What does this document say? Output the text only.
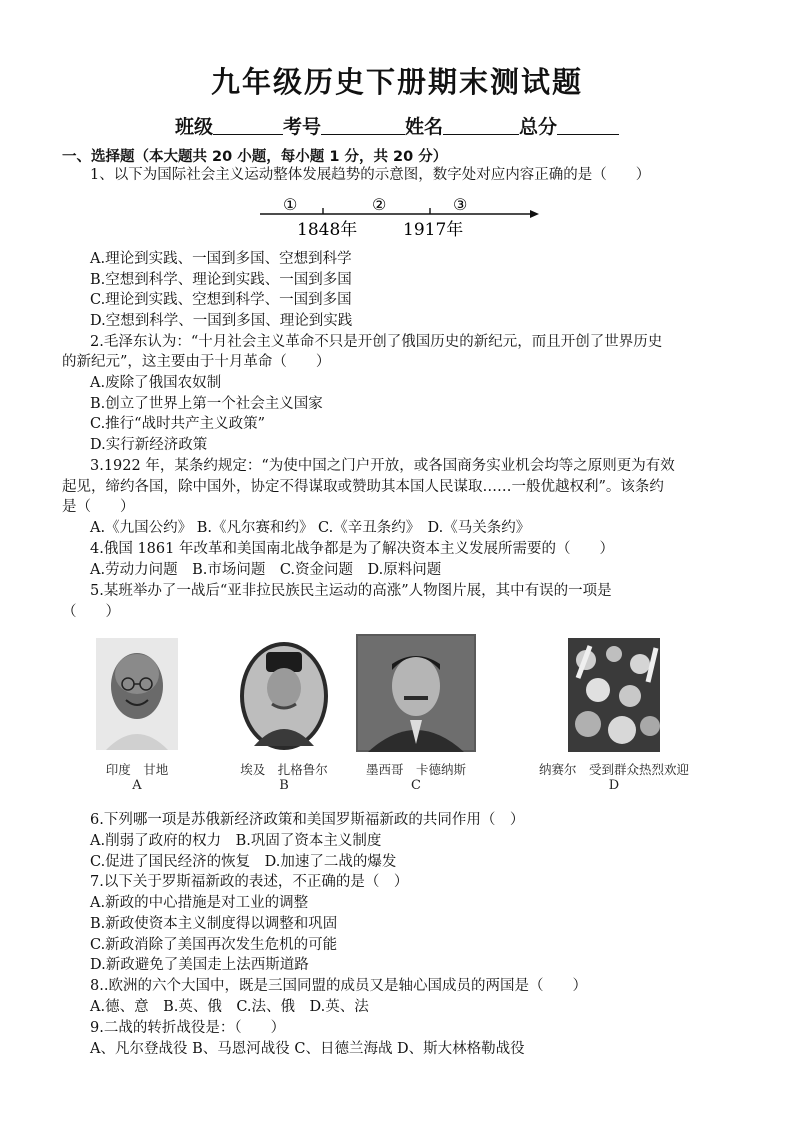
九年级历史下册期末测试题
班级	考号	姓名	总分
一、选择题（本大题共 20 小题，每小题 1 分，共 20 分）
1、以下为国际社会主义运动整体发展趋势的示意图，数字处对应内容正确的是（　　）
①	②	③
1848年	1917年
A.理论到实践、一国到多国、空想到科学
B.空想到科学、理论到实践、一国到多国
C.理论到实践、空想到科学、一国到多国
D.空想到科学、一国到多国、理论到实践
2.毛泽东认为：“十月社会主义革命不只是开创了俄国历史的新纪元，而且开创了世界历史
的新纪元”，这主要由于十月革命（　　）
A.废除了俄国农奴制
B.创立了世界上第一个社会主义国家
C.推行“战时共产主义政策”
D.实行新经济政策
3.1922 年，某条约规定：“为使中国之门户开放，或各国商务实业机会均等之原则更为有效
起见，缔约各国，除中国外，协定不得谋取或赞助其本国人民谋取……一般优越权利”。该条约
是（　　）
A.《九国公约》 B.《凡尔赛和约》 C.《辛丑条约》　D.《马关条约》
4.俄国 1861 年改革和美国南北战争都是为了解决资本主义发展所需要的（　　）
A.劳动力问题　B.市场问题　C.资金问题　D.原料问题
5.某班举办了一战后“亚非拉民族民主运动的高涨”人物图片展，其中有误的一项是
（　　）
印度　甘地
A
埃及　扎格鲁尔
B
墨西哥　卡德纳斯
C
纳赛尔　受到群众热烈欢迎
D
6.下列哪一项是苏俄新经济政策和美国罗斯福新政的共同作用（　）
A.削弱了政府的权力　B.巩固了资本主义制度
C.促进了国民经济的恢复　D.加速了二战的爆发
7.以下关于罗斯福新政的表述，不正确的是（　）
A.新政的中心措施是对工业的调整
B.新政使资本主义制度得以调整和巩固
C.新政消除了美国再次发生危机的可能
D.新政避免了美国走上法西斯道路
8..欧洲的六个大国中，既是三国同盟的成员又是轴心国成员的两国是（　　）
A.德、意　B.英、俄　C.法、俄　D.英、法
9.二战的转折战役是：（　　）
A、凡尔登战役 B、马恩河战役 C、日德兰海战 D、斯大林格勒战役
